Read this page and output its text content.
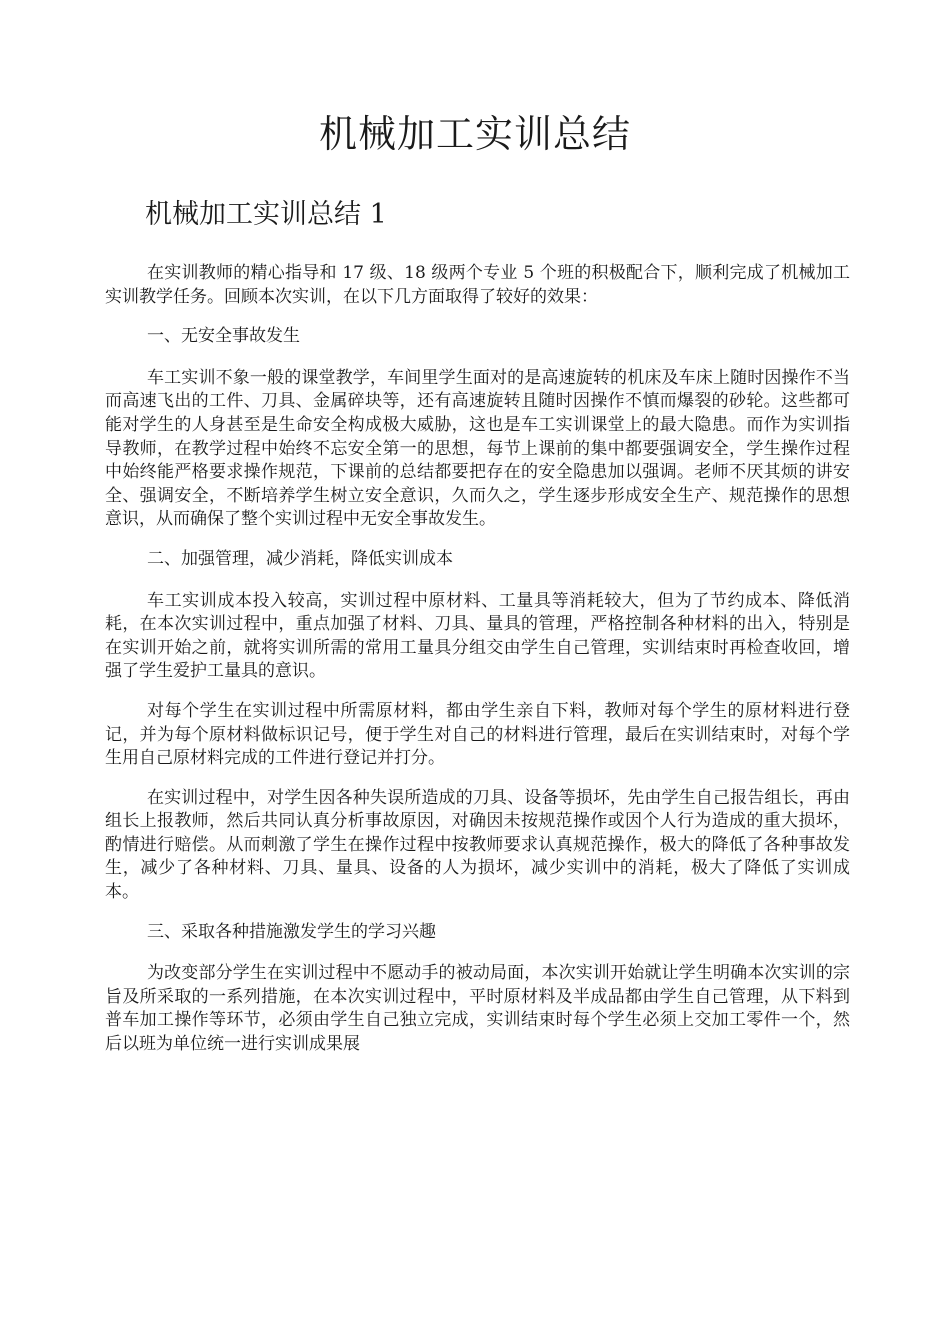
机械加工实训总结
机械加工实训总结 1

在实训教师的精心指导和 17 级、18 级两个专业 5 个班的积极配合下，顺利完成了机械加工实训教学任务。回顾本次实训，在以下几方面取得了较好的效果：

一、无安全事故发生

车工实训不象一般的课堂教学，车间里学生面对的是高速旋转的机床及车床上随时因操作不当而高速飞出的工件、刀具、金属碎块等，还有高速旋转且随时因操作不慎而爆裂的砂轮。这些都可能对学生的人身甚至是生命安全构成极大威胁，这也是车工实训课堂上的最大隐患。而作为实训指导教师，在教学过程中始终不忘安全第一的思想，每节上课前的集中都要强调安全，学生操作过程中始终能严格要求操作规范，下课前的总结都要把存在的安全隐患加以强调。老师不厌其烦的讲安全、强调安全，不断培养学生树立安全意识，久而久之，学生逐步形成安全生产、规范操作的思想意识，从而确保了整个实训过程中无安全事故发生。

二、加强管理，减少消耗，降低实训成本

车工实训成本投入较高，实训过程中原材料、工量具等消耗较大，但为了节约成本、降低消耗，在本次实训过程中，重点加强了材料、刀具、量具的管理，严格控制各种材料的出入，特别是在实训开始之前，就将实训所需的常用工量具分组交由学生自己管理，实训结束时再检查收回，增强了学生爱护工量具的意识。

对每个学生在实训过程中所需原材料，都由学生亲自下料，教师对每个学生的原材料进行登记，并为每个原材料做标识记号，便于学生对自己的材料进行管理，最后在实训结束时，对每个学生用自己原材料完成的工件进行登记并打分。

在实训过程中，对学生因各种失误所造成的刀具、设备等损坏，先由学生自己报告组长，再由组长上报教师，然后共同认真分析事故原因，对确因未按规范操作或因个人行为造成的重大损坏，酌情进行赔偿。从而刺激了学生在操作过程中按教师要求认真规范操作，极大的降低了各种事故发生，减少了各种材料、刀具、量具、设备的人为损坏，减少实训中的消耗，极大了降低了实训成本。

三、采取各种措施激发学生的学习兴趣

为改变部分学生在实训过程中不愿动手的被动局面，本次实训开始就让学生明确本次实训的宗旨及所采取的一系列措施，在本次实训过程中，平时原材料及半成品都由学生自己管理，从下料到普车加工操作等环节，必须由学生自己独立完成，实训结束时每个学生必须上交加工零件一个，然后以班为单位统一进行实训成果展
